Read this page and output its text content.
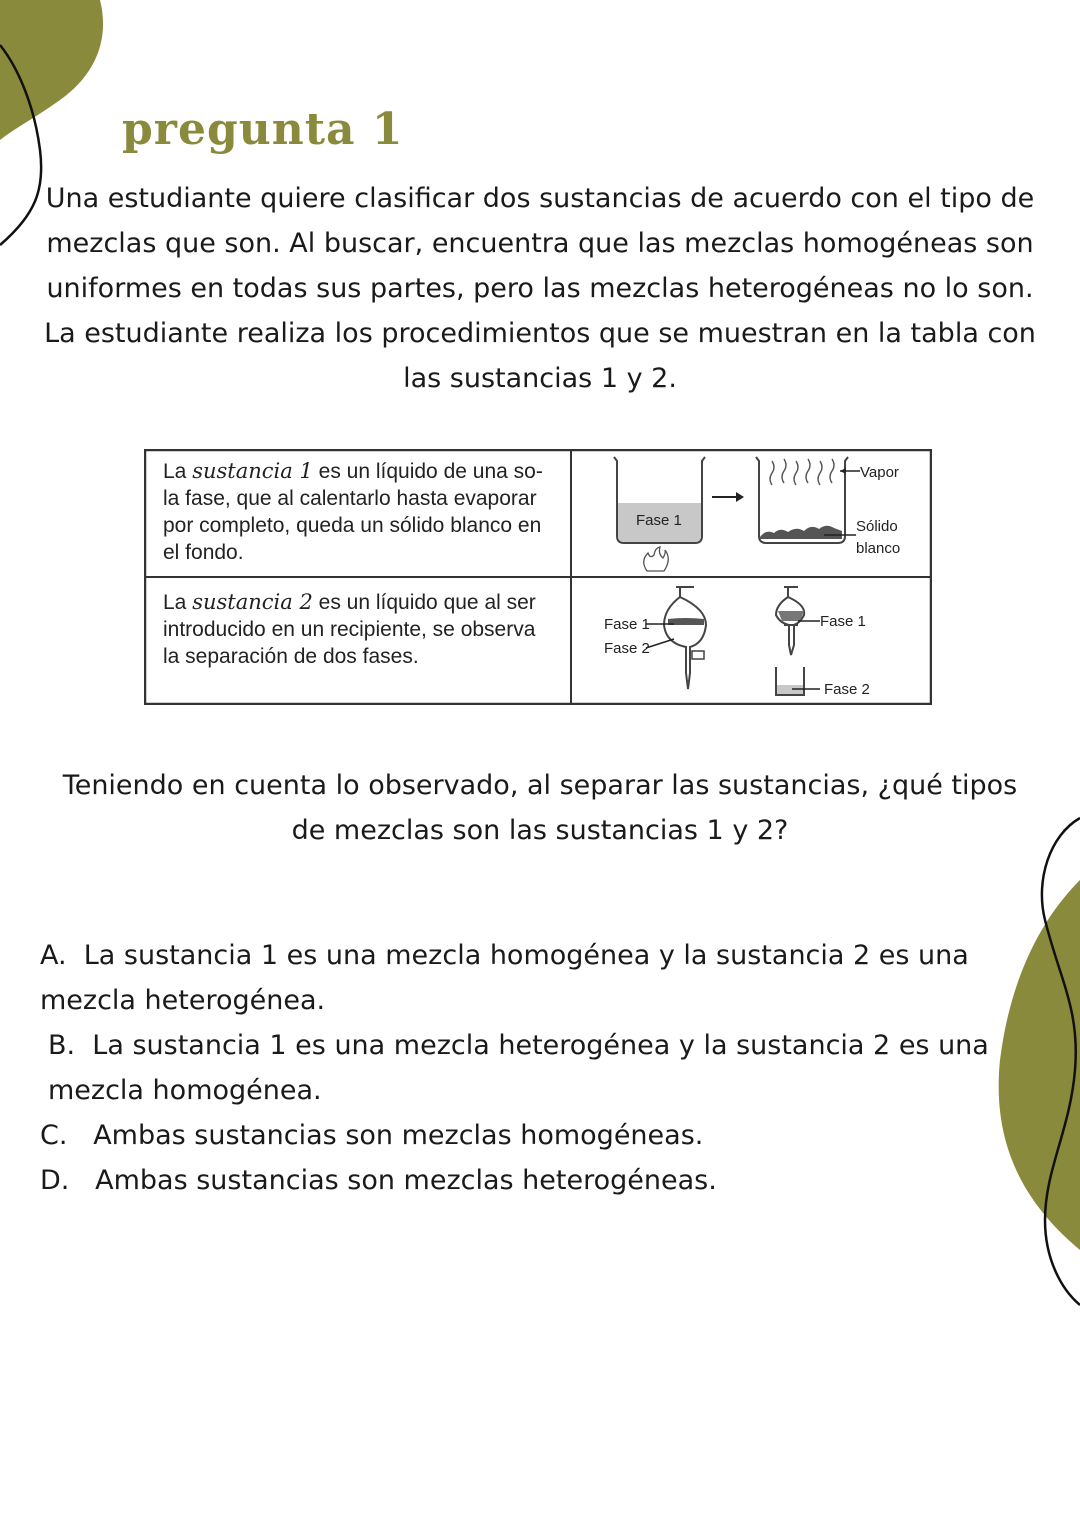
pregunta 1

Una estudiante quiere clasificar dos sustancias de acuerdo con el tipo de mezclas que son. Al buscar, encuentra que las mezclas homogéneas son uniformes en todas sus partes, pero las mezclas heterogéneas no lo son. La estudiante realiza los procedimientos que se muestran en la tabla con las sustancias 1 y 2.

La sustancia 1 es un líquido de una so-
la fase, que al calentarlo hasta evaporar
por completo, queda un sólido blanco en
el fondo.
La sustancia 2 es un líquido que al ser
introducido en un recipiente, se observa
la separación de dos fases.
Fase 1
Vapor
Sólido
blanco
Fase 1
Fase 2
Fase 1
Fase 2

Teniendo en cuenta lo observado, al separar las sustancias, ¿qué tipos de mezclas son las sustancias 1 y 2?

A. La sustancia 1 es una mezcla homogénea y la sustancia 2 es una mezcla heterogénea.
B. La sustancia 1 es una mezcla heterogénea y la sustancia 2 es una mezcla homogénea.
C. Ambas sustancias son mezclas homogéneas.
D. Ambas sustancias son mezclas heterogéneas.
